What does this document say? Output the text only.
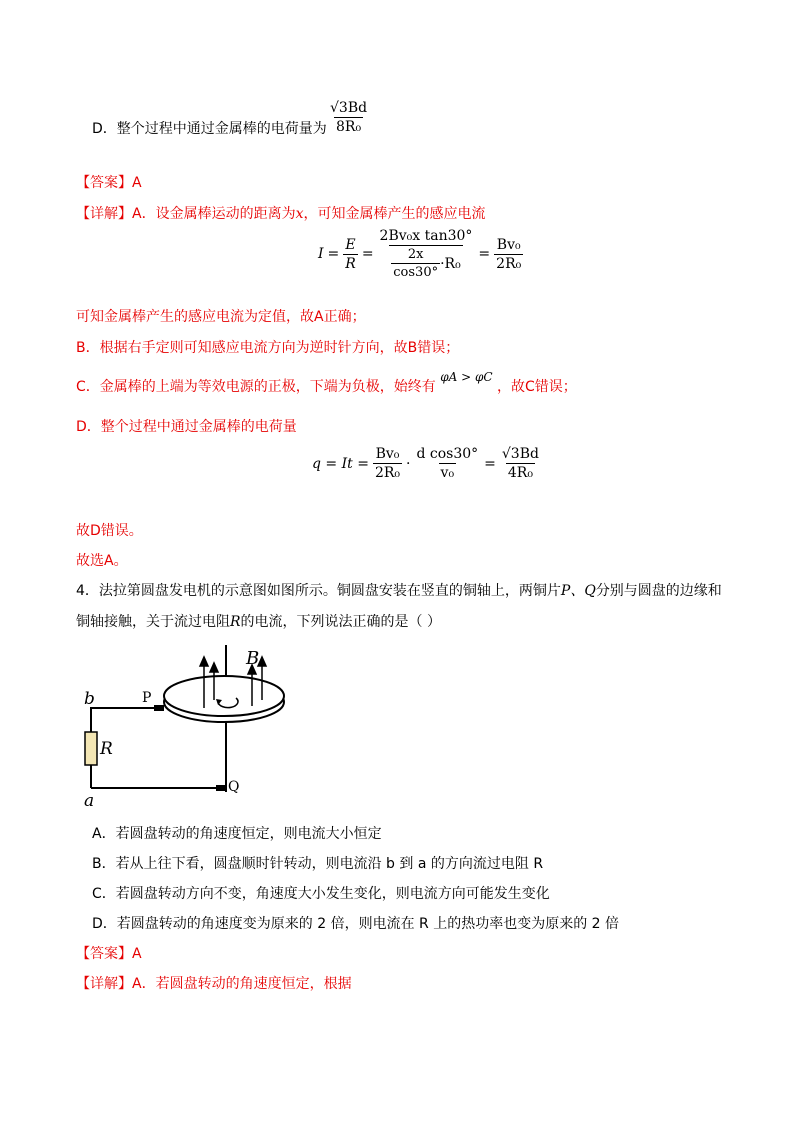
D．整个过程中通过金属棒的电荷量为 $\frac{√3Bd}{\text{8R₀}}$
【答案】A
【详解】A．设金属棒运动的距离为x，可知金属棒产生的感应电流
$I = \frac{E}{R} = \frac{\text{2Bv₀x tan30°}}{\frac{2x}{\cos 30^\circ} \cdot R_0} = \frac{\text{Bv₀}}{\text{2R₀}}$
可知金属棒产生的感应电流为定值，故A正确；
B．根据右手定则可知感应电流方向为逆时针方向，故B错误；
C．金属棒的上端为等效电源的正极，下端为负极，始终有 φA > φC ，故C错误；
D．整个过程中通过金属棒的电荷量
$q = It = \frac{\text{Bv₀}}{\text{2R₀}} \cdot \frac{\text{d cos30°}}{\text{v₀}} = \frac{√3Bd}{\text{4R₀}}$
故D错误。
故选A。
4．法拉第圆盘发电机的示意图如图所示。铜圆盘安装在竖直的铜轴上，两铜片P、Q分别与圆盘的边缘和
铜轴接触，关于流过电阻R的电流，下列说法正确的是（ ）
B
b	P
R
Q
a
A．若圆盘转动的角速度恒定，则电流大小恒定
B．若从上往下看，圆盘顺时针转动，则电流沿 b 到 a 的方向流过电阻 R
C．若圆盘转动方向不变，角速度大小发生变化，则电流方向可能发生变化
D．若圆盘转动的角速度变为原来的 2 倍，则电流在 R 上的热功率也变为原来的 2 倍
【答案】A
【详解】A．若圆盘转动的角速度恒定，根据
